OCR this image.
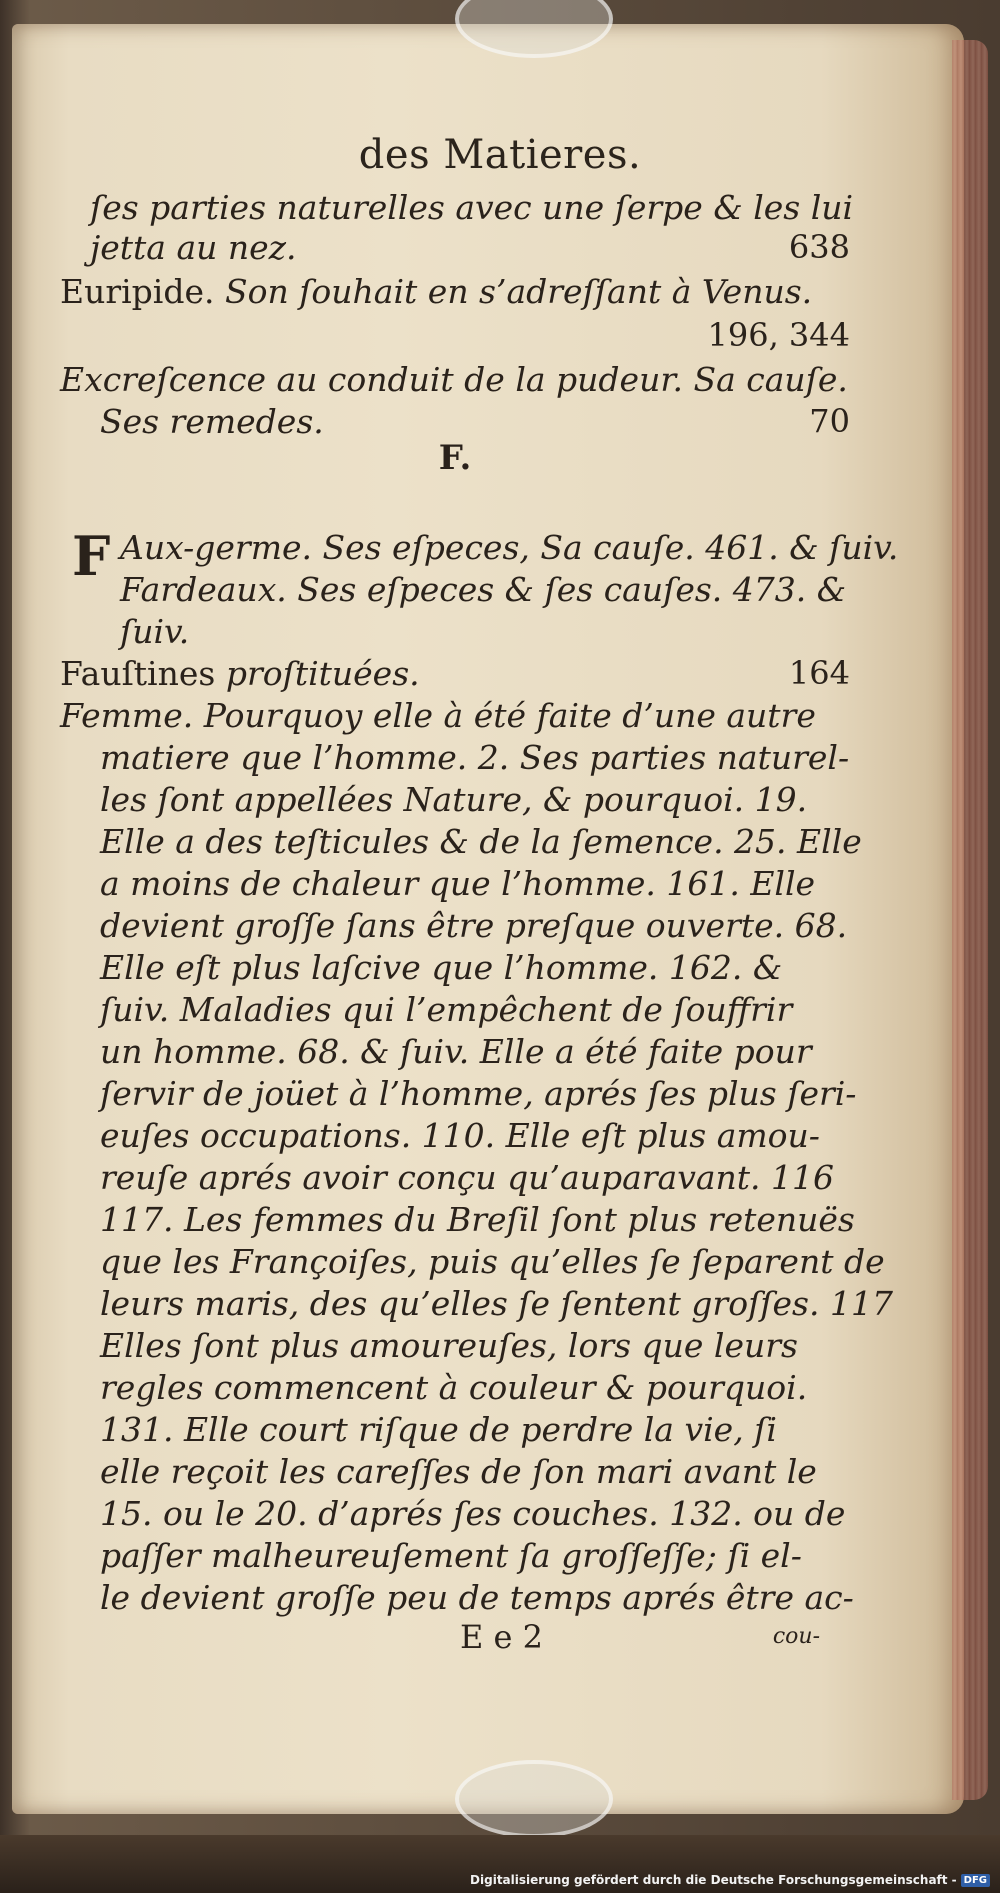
des Matieres.
ſes parties naturelles avec une ſerpe & les lui
jetta au nez.	638
Euripide. Son ſouhait en s’adreſſant à Venus.
196, 344
Excreſcence au conduit de la pudeur. Sa cauſe.
Ses remedes.	70
F.
F Aux-germe. Ses eſpeces, Sa cauſe. 461. & ſuiv.
Fardeaux. Ses eſpeces & ſes cauſes. 473. &
ſuiv.
Fauſtines proſtituées.	164
Femme. Pourquoy elle à été faite d’une autre
matiere que l’homme. 2. Ses parties naturel-
les ſont appellées Nature, & pourquoi. 19.
Elle a des teſticules & de la ſemence. 25. Elle
a moins de chaleur que l’homme. 161. Elle
devient groſſe ſans être preſque ouverte. 68.
Elle eſt plus laſcive que l’homme. 162. &
ſuiv. Maladies qui l’empêchent de ſouffrir
un homme. 68. & ſuiv. Elle a été faite pour
ſervir de joüet à l’homme, aprés ſes plus ſeri-
euſes occupations. 110. Elle eſt plus amou-
reuſe aprés avoir conçu qu’auparavant. 116
117. Les femmes du Breſil ſont plus retenuës
que les Françoiſes, puis qu’elles ſe ſeparent de
leurs maris, des qu’elles ſe ſentent groſſes. 117
Elles ſont plus amoureuſes, lors que leurs
regles commencent à couleur & pourquoi.
131. Elle court riſque de perdre la vie, ſi
elle reçoit les careſſes de ſon mari avant le
15. ou le 20. d’aprés ſes couches. 132. ou de
paſſer malheureuſement ſa groſſeſſe; ſi el-
le devient groſſe peu de temps aprés être ac-
E e 2	cou-
Digitalisierung gefördert durch die Deutsche Forschungsgemeinschaft - DFG
